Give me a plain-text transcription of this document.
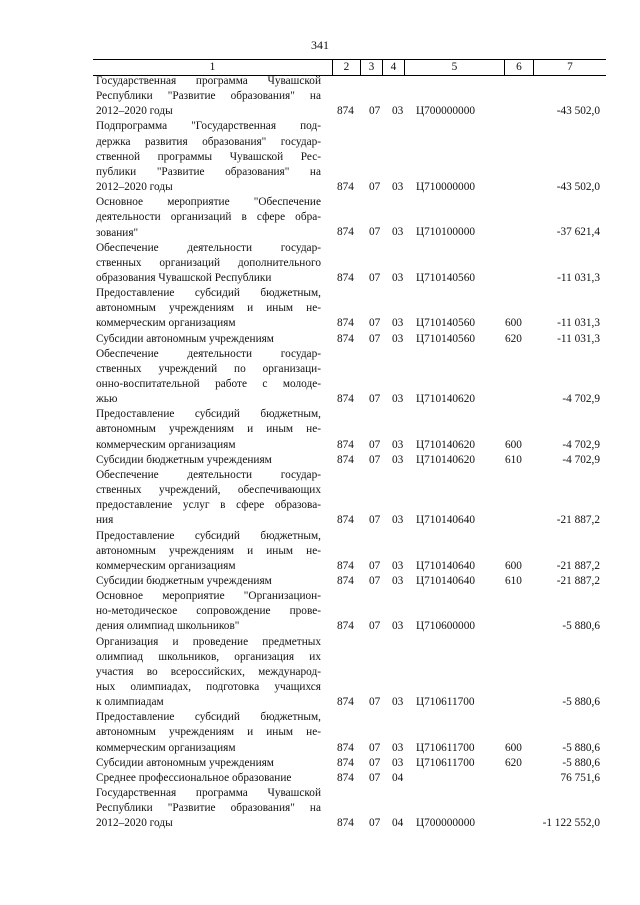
341
1	2	3	4	5	6	7
Государственная программа Чувашской
Республики "Развитие образования" на
2012–2020 годы	874 07 03 Ц700000000	-43 502,0
Подпрограмма "Государственная под-
держка развития образования" государ-
ственной программы Чувашской Рес-
публики "Развитие образования" на
2012–2020 годы	874 07 03 Ц710000000	-43 502,0
Основное мероприятие "Обеспечение
деятельности организаций в сфере обра-
зования"	874 07 03 Ц710100000	-37 621,4
Обеспечение деятельности государ-
ственных организаций дополнительного
образования Чувашской Республики	874 07 03 Ц710140560	-11 031,3
Предоставление субсидий бюджетным,
автономным учреждениям и иным не-
коммерческим организациям	874 07 03 Ц710140560	600	-11 031,3
Субсидии автономным учреждениям	874 07 03 Ц710140560	620	-11 031,3
Обеспечение деятельности государ-
ственных учреждений по организаци-
онно-воспитательной работе с молоде-
жью	874 07 03 Ц710140620	-4 702,9
Предоставление субсидий бюджетным,
автономным учреждениям и иным не-
коммерческим организациям	874 07 03 Ц710140620	600	-4 702,9
Субсидии бюджетным учреждениям	874 07 03 Ц710140620	610	-4 702,9
Обеспечение деятельности государ-
ственных учреждений, обеспечивающих
предоставление услуг в сфере образова-
ния	874 07 03 Ц710140640	-21 887,2
Предоставление субсидий бюджетным,
автономным учреждениям и иным не-
коммерческим организациям	874 07 03 Ц710140640	600	-21 887,2
Субсидии бюджетным учреждениям	874 07 03 Ц710140640	610	-21 887,2
Основное мероприятие "Организацион-
но-методическое сопровождение прове-
дения олимпиад школьников"	874 07 03 Ц710600000	-5 880,6
Организация и проведение предметных
олимпиад школьников, организация их
участия во всероссийских, международ-
ных олимпиадах, подготовка учащихся
к олимпиадам	874 07 03 Ц710611700	-5 880,6
Предоставление субсидий бюджетным,
автономным учреждениям и иным не-
коммерческим организациям	874 07 03 Ц710611700	600	-5 880,6
Субсидии автономным учреждениям	874 07 03 Ц710611700	620	-5 880,6
Среднее профессиональное образование	874 07 04	76 751,6
Государственная программа Чувашской
Республики "Развитие образования" на
2012–2020 годы	874 07 04 Ц700000000	-1 122 552,0
